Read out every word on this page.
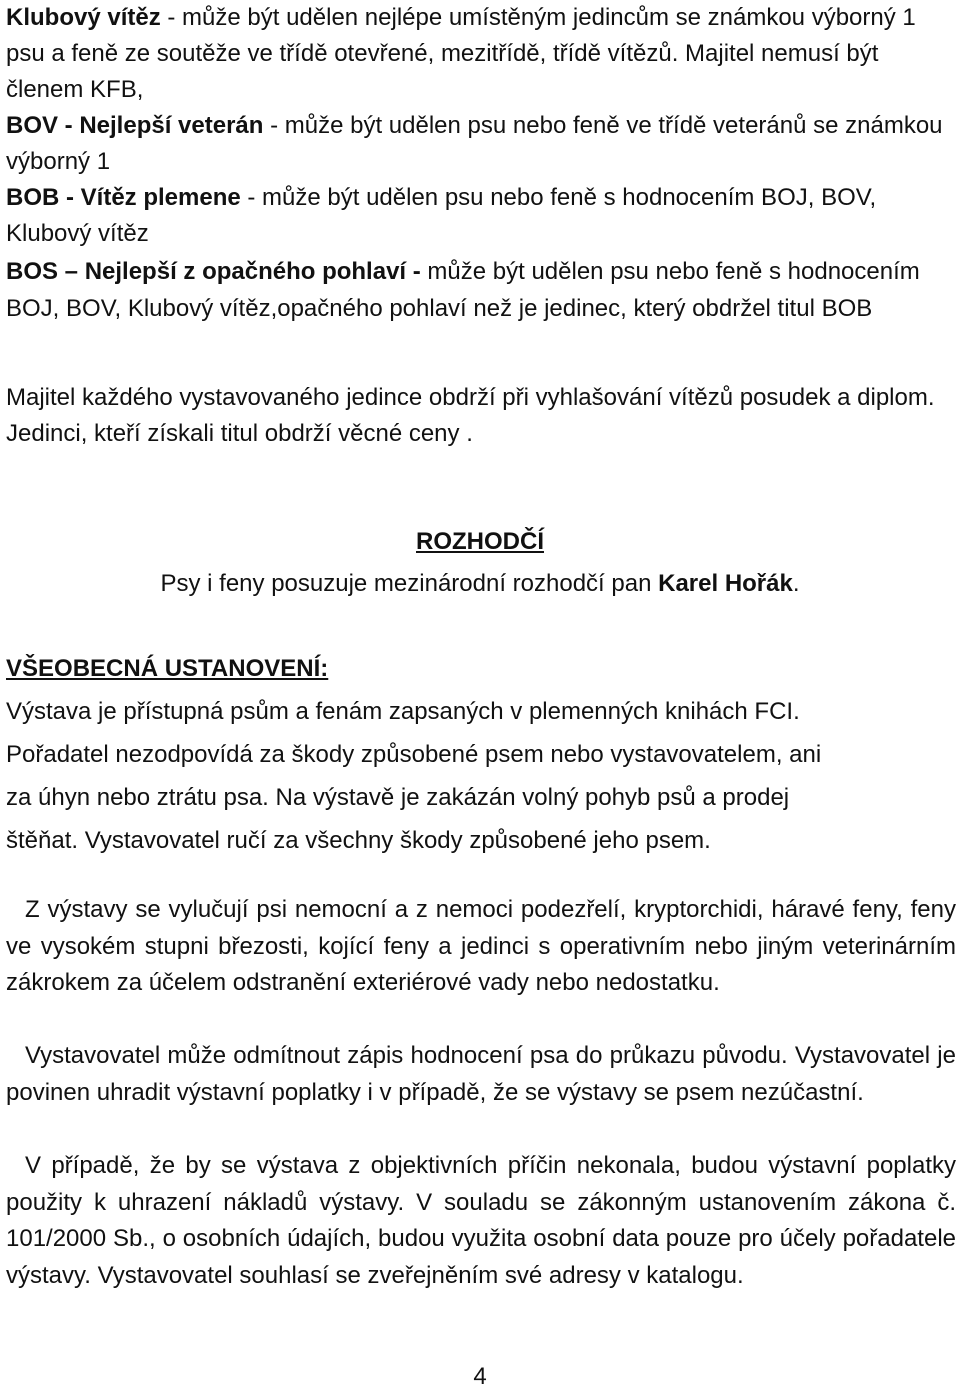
Klubový vítěz - může být udělen nejlépe umístěným jedincům se známkou výborný 1 psu a feně ze soutěže ve třídě otevřené, mezitřídě, třídě vítězů. Majitel nemusí být členem KFB,

BOV - Nejlepší veterán - může být udělen psu nebo feně ve třídě veteránů se známkou výborný 1

BOB - Vítěz plemene - může být udělen psu nebo feně s hodnocením BOJ, BOV, Klubový vítěz

BOS – Nejlepší z opačného pohlaví - může být udělen psu nebo feně s hodnocením BOJ, BOV, Klubový vítěz,opačného pohlaví než je jedinec, který obdržel titul BOB

Majitel každého vystavovaného jedince obdrží při vyhlašování vítězů posudek a diplom. Jedinci, kteří získali titul obdrží věcné ceny .

ROZHODČÍ

Psy i feny posuzuje mezinárodní rozhodčí pan Karel Hořák.

VŠEOBECNÁ USTANOVENÍ:

Výstava je přístupná psům a fenám zapsaných v plemenných knihách FCI.

Pořadatel nezodpovídá za škody způsobené psem nebo vystavovatelem, ani

za úhyn nebo ztrátu psa. Na výstavě je zakázán volný pohyb psů a prodej

štěňat. Vystavovatel ručí za všechny škody způsobené jeho psem.

Z výstavy se vylučují psi nemocní a z nemoci podezřelí, kryptorchidi, háravé feny, feny ve vysokém stupni březosti, kojící feny a jedinci s operativním nebo jiným veterinárním zákrokem za účelem odstranění exteriérové vady nebo nedostatku.

Vystavovatel může odmítnout zápis hodnocení psa do průkazu původu. Vystavovatel je povinen uhradit výstavní poplatky i v případě, že se výstavy se psem nezúčastní.

V případě, že by se výstava z objektivních příčin nekonala, budou výstavní poplatky použity k uhrazení nákladů výstavy. V souladu se zákonným ustanovením zákona č. 101/2000 Sb., o osobních údajích, budou využita osobní data pouze pro účely pořadatele výstavy. Vystavovatel souhlasí se zveřejněním své adresy v katalogu.

4
